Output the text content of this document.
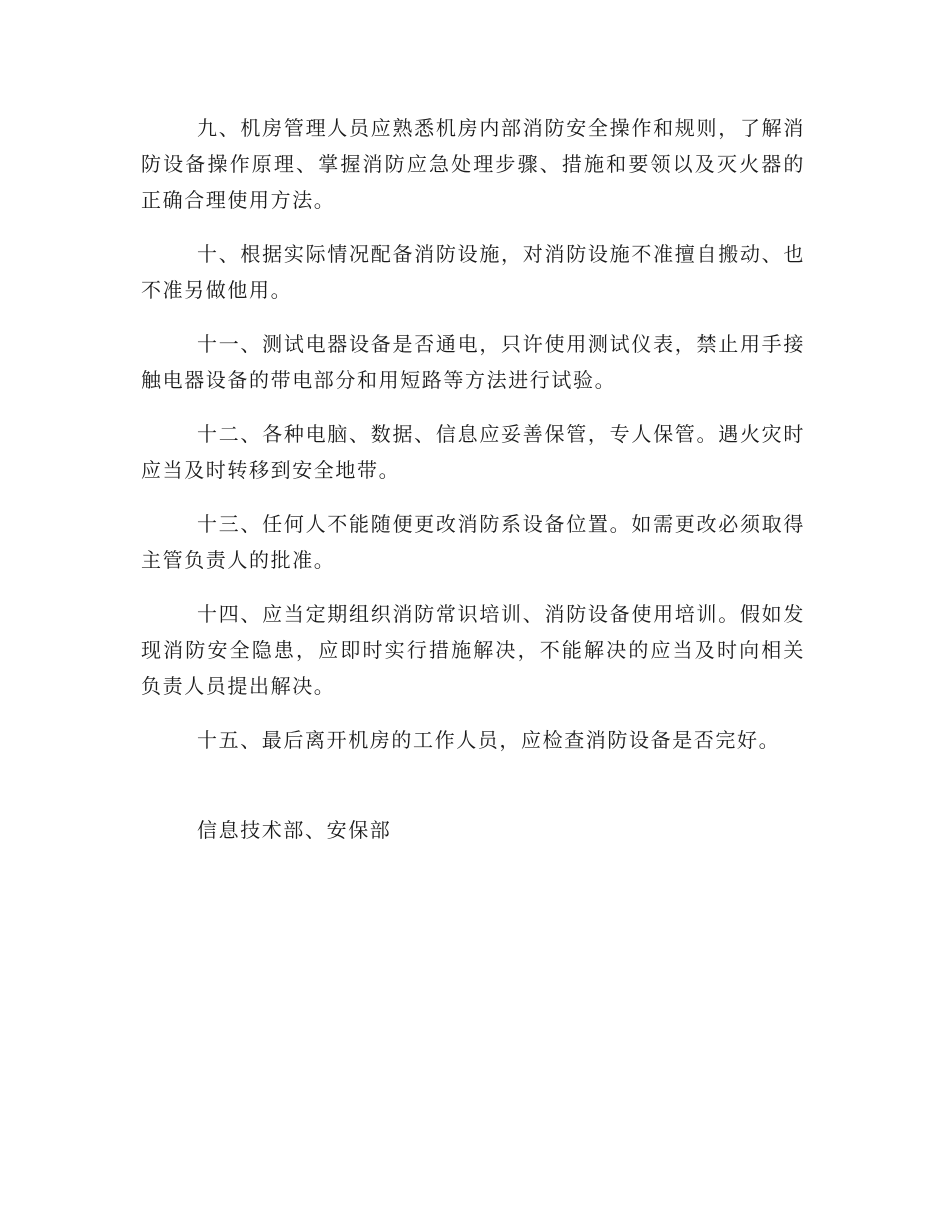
九、机房管理人员应熟悉机房内部消防安全操作和规则，了解消防设备操作原理、掌握消防应急处理步骤、措施和要领以及灭火器的正确合理使用方法。

十、根据实际情况配备消防设施，对消防设施不准擅自搬动、也不准另做他用。

十一、测试电器设备是否通电，只许使用测试仪表，禁止用手接触电器设备的带电部分和用短路等方法进行试验。

十二、各种电脑、数据、信息应妥善保管，专人保管。遇火灾时应当及时转移到安全地带。

十三、任何人不能随便更改消防系设备位置。如需更改必须取得主管负责人的批准。

十四、应当定期组织消防常识培训、消防设备使用培训。假如发现消防安全隐患，应即时实行措施解决，不能解决的应当及时向相关负责人员提出解决。

十五、最后离开机房的工作人员，应检查消防设备是否完好。

信息技术部、安保部
